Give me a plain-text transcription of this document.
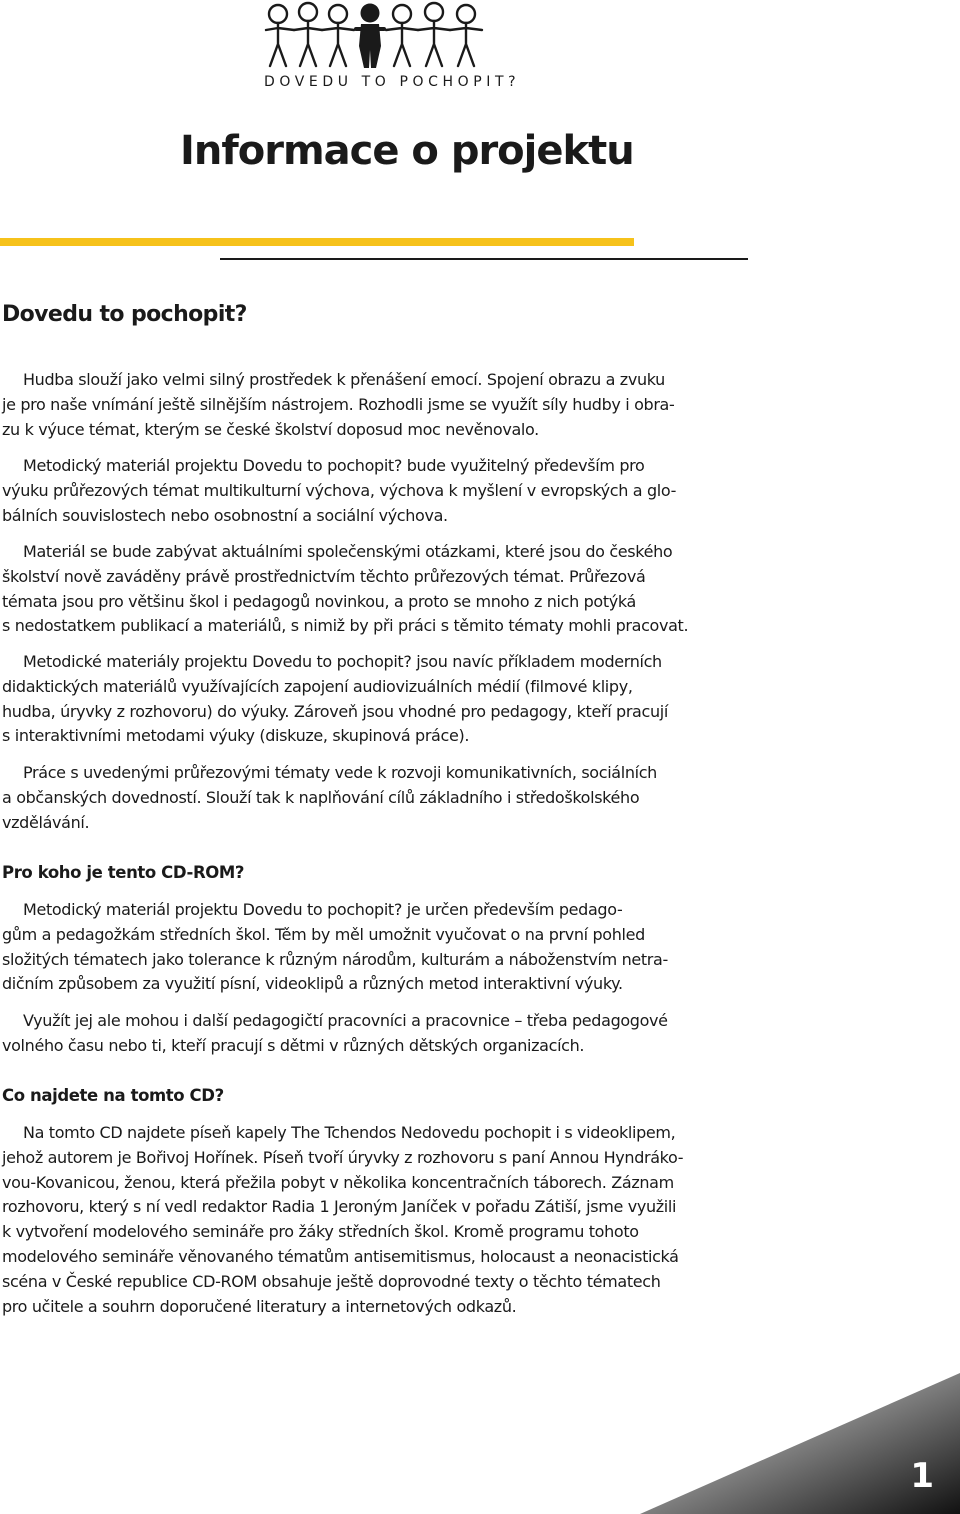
DOVEDU TO POCHOPIT?
Informace o projektu
Dovedu to pochopit?

Hudba slouží jako velmi silný prostředek k přenášení emocí. Spojení obrazu a zvuku
je pro naše vnímání ještě silnějším nástrojem. Rozhodli jsme se využít síly hudby i obra-
zu k výuce témat, kterým se české školství doposud moc nevěnovalo.

Metodický materiál projektu Dovedu to pochopit? bude využitelný především pro
výuku průřezových témat multikulturní výchova, výchova k myšlení v evropských a glo-
bálních souvislostech nebo osobnostní a sociální výchova.

Materiál se bude zabývat aktuálními společenskými otázkami, které jsou do českého
školství nově zaváděny právě prostřednictvím těchto průřezových témat. Průřezová
témata jsou pro většinu škol i pedagogů novinkou, a proto se mnoho z nich potýká
s nedostatkem publikací a materiálů, s nimiž by při práci s těmito tématy mohli pracovat.

Metodické materiály projektu Dovedu to pochopit? jsou navíc příkladem moderních
didaktických materiálů využívajících zapojení audiovizuálních médií (filmové klipy,
hudba, úryvky z rozhovoru) do výuky. Zároveň jsou vhodné pro pedagogy, kteří pracují
s interaktivními metodami výuky (diskuze, skupinová práce).

Práce s uvedenými průřezovými tématy vede k rozvoji komunikativních, sociálních
a občanských dovedností. Slouží tak k naplňování cílů základního i středoškolského
vzdělávání.

Pro koho je tento CD-ROM?

Metodický materiál projektu Dovedu to pochopit? je určen především pedago-
gům a pedagožkám středních škol. Těm by měl umožnit vyučovat o na první pohled
složitých tématech jako tolerance k různým národům, kulturám a náboženstvím netra-
dičním způsobem za využití písní, videoklipů a různých metod interaktivní výuky.

Využít jej ale mohou i další pedagogičtí pracovníci a pracovnice – třeba pedagogové
volného času nebo ti, kteří pracují s dětmi v různých dětských organizacích.

Co najdete na tomto CD?

Na tomto CD najdete píseň kapely The Tchendos Nedovedu pochopit i s videoklipem,
jehož autorem je Bořivoj Hořínek. Píseň tvoří úryvky z rozhovoru s paní Annou Hyndráko-
vou-Kovanicou, ženou, která přežila pobyt v několika koncentračních táborech. Záznam
rozhovoru, který s ní vedl redaktor Radia 1 Jeroným Janíček v pořadu Zátiší, jsme využili
k vytvoření modelového semináře pro žáky středních škol. Kromě programu tohoto
modelového semináře věnovaného tématům antisemitismus, holocaust a neonacistická
scéna v České republice CD-ROM obsahuje ještě doprovodné texty o těchto tématech
pro učitele a souhrn doporučené literatury a internetových odkazů.

1
